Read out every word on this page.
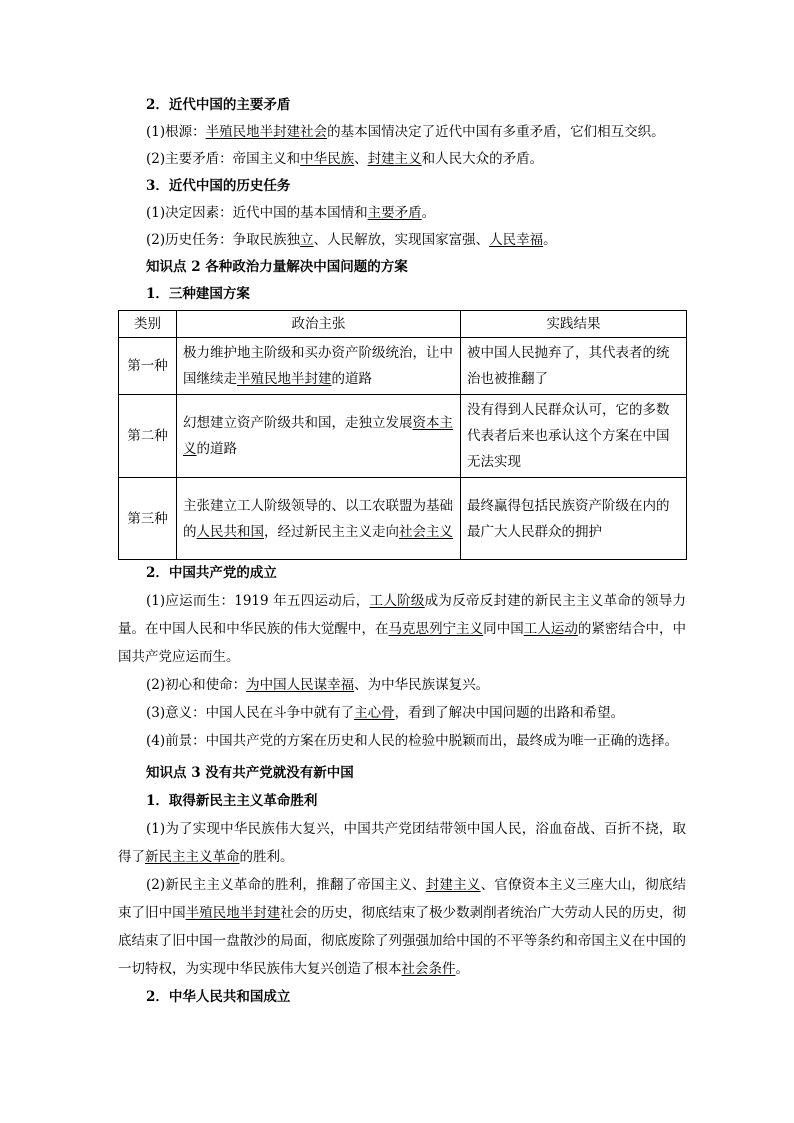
2．近代中国的主要矛盾
(1)根源：半殖民地半封建社会的基本国情决定了近代中国有多重矛盾，它们相互交织。
(2)主要矛盾：帝国主义和中华民族、封建主义和人民大众的矛盾。
3．近代中国的历史任务
(1)决定因素：近代中国的基本国情和主要矛盾。
(2)历史任务：争取民族独立、人民解放，实现国家富强、人民幸福。
知识点 2 各种政治力量解决中国问题的方案
1．三种建国方案
类别	政治主张	实践结果
第一种	极力维护地主阶级和买办资产阶级统治，让中国继续走半殖民地半封建的道路	被中国人民抛弃了，其代表者的统治也被推翻了
第二种	幻想建立资产阶级共和国，走独立发展资本主义的道路	没有得到人民群众认可，它的多数代表者后来也承认这个方案在中国无法实现
第三种	主张建立工人阶级领导的、以工农联盟为基础的人民共和国，经过新民主主义走向社会主义	最终赢得包括民族资产阶级在内的最广大人民群众的拥护
2．中国共产党的成立
(1)应运而生：1919 年五四运动后，工人阶级成为反帝反封建的新民主主义革命的领导力量。在中国人民和中华民族的伟大觉醒中，在马克思列宁主义同中国工人运动的紧密结合中，中国共产党应运而生。
(2)初心和使命：为中国人民谋幸福、为中华民族谋复兴。
(3)意义：中国人民在斗争中就有了主心骨，看到了解决中国问题的出路和希望。
(4)前景：中国共产党的方案在历史和人民的检验中脱颖而出，最终成为唯一正确的选择。
知识点 3 没有共产党就没有新中国
1．取得新民主主义革命胜利
(1)为了实现中华民族伟大复兴，中国共产党团结带领中国人民，浴血奋战、百折不挠，取得了新民主主义革命的胜利。
(2)新民主主义革命的胜利，推翻了帝国主义、封建主义、官僚资本主义三座大山，彻底结束了旧中国半殖民地半封建社会的历史，彻底结束了极少数剥削者统治广大劳动人民的历史，彻底结束了旧中国一盘散沙的局面，彻底废除了列强强加给中国的不平等条约和帝国主义在中国的一切特权，为实现中华民族伟大复兴创造了根本社会条件。
2．中华人民共和国成立
